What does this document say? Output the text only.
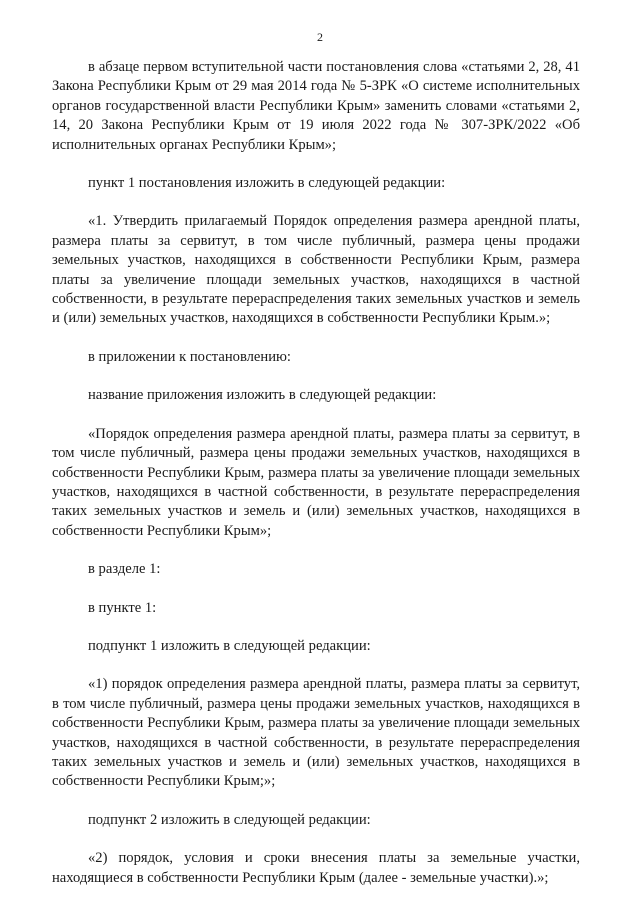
2

в абзаце первом вступительной части постановления слова «статьями 2, 28, 41 Закона Республики Крым от 29 мая 2014 года № 5-ЗРК «О системе исполнительных органов государственной власти Республики Крым» заменить словами «статьями 2, 14, 20 Закона Республики Крым от 19 июля 2022 года № 307-ЗРК/2022 «Об исполнительных органах Республики Крым»;

пункт 1 постановления изложить в следующей редакции:

«1. Утвердить прилагаемый Порядок определения размера арендной платы, размера платы за сервитут, в том числе публичный, размера цены продажи земельных участков, находящихся в собственности Республики Крым, размера платы за увеличение площади земельных участков, находящихся в частной собственности, в результате перераспределения таких земельных участков и земель и (или) земельных участков, находящихся в собственности Республики Крым.»;

в приложении к постановлению:

название приложения изложить в следующей редакции:

«Порядок определения размера арендной платы, размера платы за сервитут, в том числе публичный, размера цены продажи земельных участков, находящихся в собственности Республики Крым, размера платы за увеличение площади земельных участков, находящихся в частной собственности, в результате перераспределения таких земельных участков и земель и (или) земельных участков, находящихся в собственности Республики Крым»;

в разделе 1:

в пункте 1:

подпункт 1 изложить в следующей редакции:

«1) порядок определения размера арендной платы, размера платы за сервитут, в том числе публичный, размера цены продажи земельных участков, находящихся в собственности Республики Крым, размера платы за увеличение площади земельных участков, находящихся в частной собственности, в результате перераспределения таких земельных участков и земель и (или) земельных участков, находящихся в собственности Республики Крым;»;

подпункт 2 изложить в следующей редакции:

«2) порядок, условия и сроки внесения платы за земельные участки, находящиеся в собственности Республики Крым (далее - земельные участки).»;
